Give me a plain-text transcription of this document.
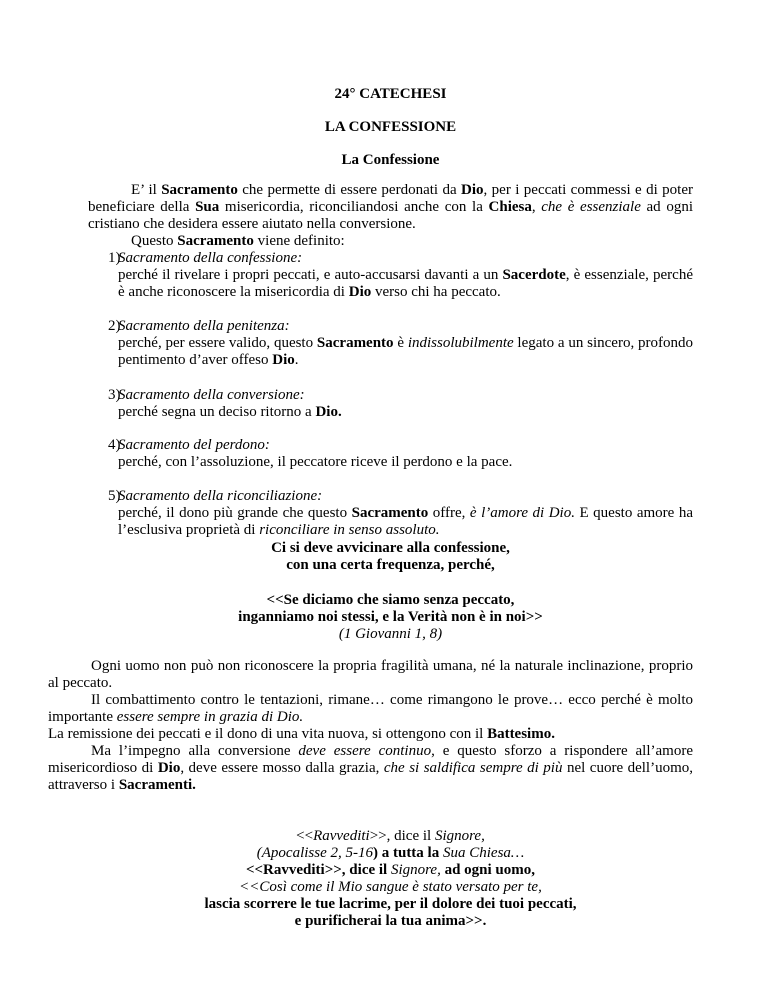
24° CATECHESI
LA CONFESSIONE
La Confessione
E’ il Sacramento che permette di essere perdonati da Dio, per i peccati commessi e di poter beneficiare della Sua misericordia, riconciliandosi anche con la Chiesa, che è essenziale ad ogni cristiano che desidera essere aiutato nella conversione.
Questo Sacramento viene definito:
1)
Sacramento della confessione:
perché il rivelare i propri peccati, e auto-accusarsi davanti a un Sacerdote, è essenziale, perché è anche riconoscere la misericordia di Dio verso chi ha peccato.
2)
Sacramento della penitenza:
perché, per essere valido, questo Sacramento è indissolubilmente legato a un sincero, profondo pentimento d’aver offeso Dio.
3)
Sacramento della conversione:
perché segna un deciso ritorno a Dio.
4)
Sacramento del perdono:
perché, con l’assoluzione, il peccatore riceve il perdono e la pace.
5)
Sacramento della riconciliazione:
perché, il dono più grande che questo Sacramento offre, è l’amore di Dio. E questo amore ha l’esclusiva proprietà di riconciliare in senso assoluto.
Ci si deve avvicinare alla confessione,
con una certa frequenza, perché,
<<Se diciamo che siamo senza peccato,
inganniamo noi stessi, e la Verità non è in noi>>
(1 Giovanni 1, 8)
Ogni uomo non può non riconoscere la propria fragilità umana, né la naturale inclinazione, proprio al peccato.
Il combattimento contro le tentazioni, rimane… come rimangono le prove… ecco perché è molto importante essere sempre in grazia di Dio.
La remissione dei peccati e il dono di una vita nuova, si ottengono con il Battesimo.
Ma l’impegno alla conversione deve essere continuo, e questo sforzo a rispondere all’amore misericordioso di Dio, deve essere mosso dalla grazia, che si saldifica sempre di più nel cuore dell’uomo, attraverso i Sacramenti.
<<Ravvediti>>, dice il Signore,
(Apocalisse 2, 5-16) a tutta la Sua Chiesa…
<<Ravvediti>>, dice il Signore, ad ogni uomo,
<<Così come il Mio sangue è stato versato per te,
lascia scorrere le tue lacrime, per il dolore dei tuoi peccati,
e purificherai la tua anima>>.
